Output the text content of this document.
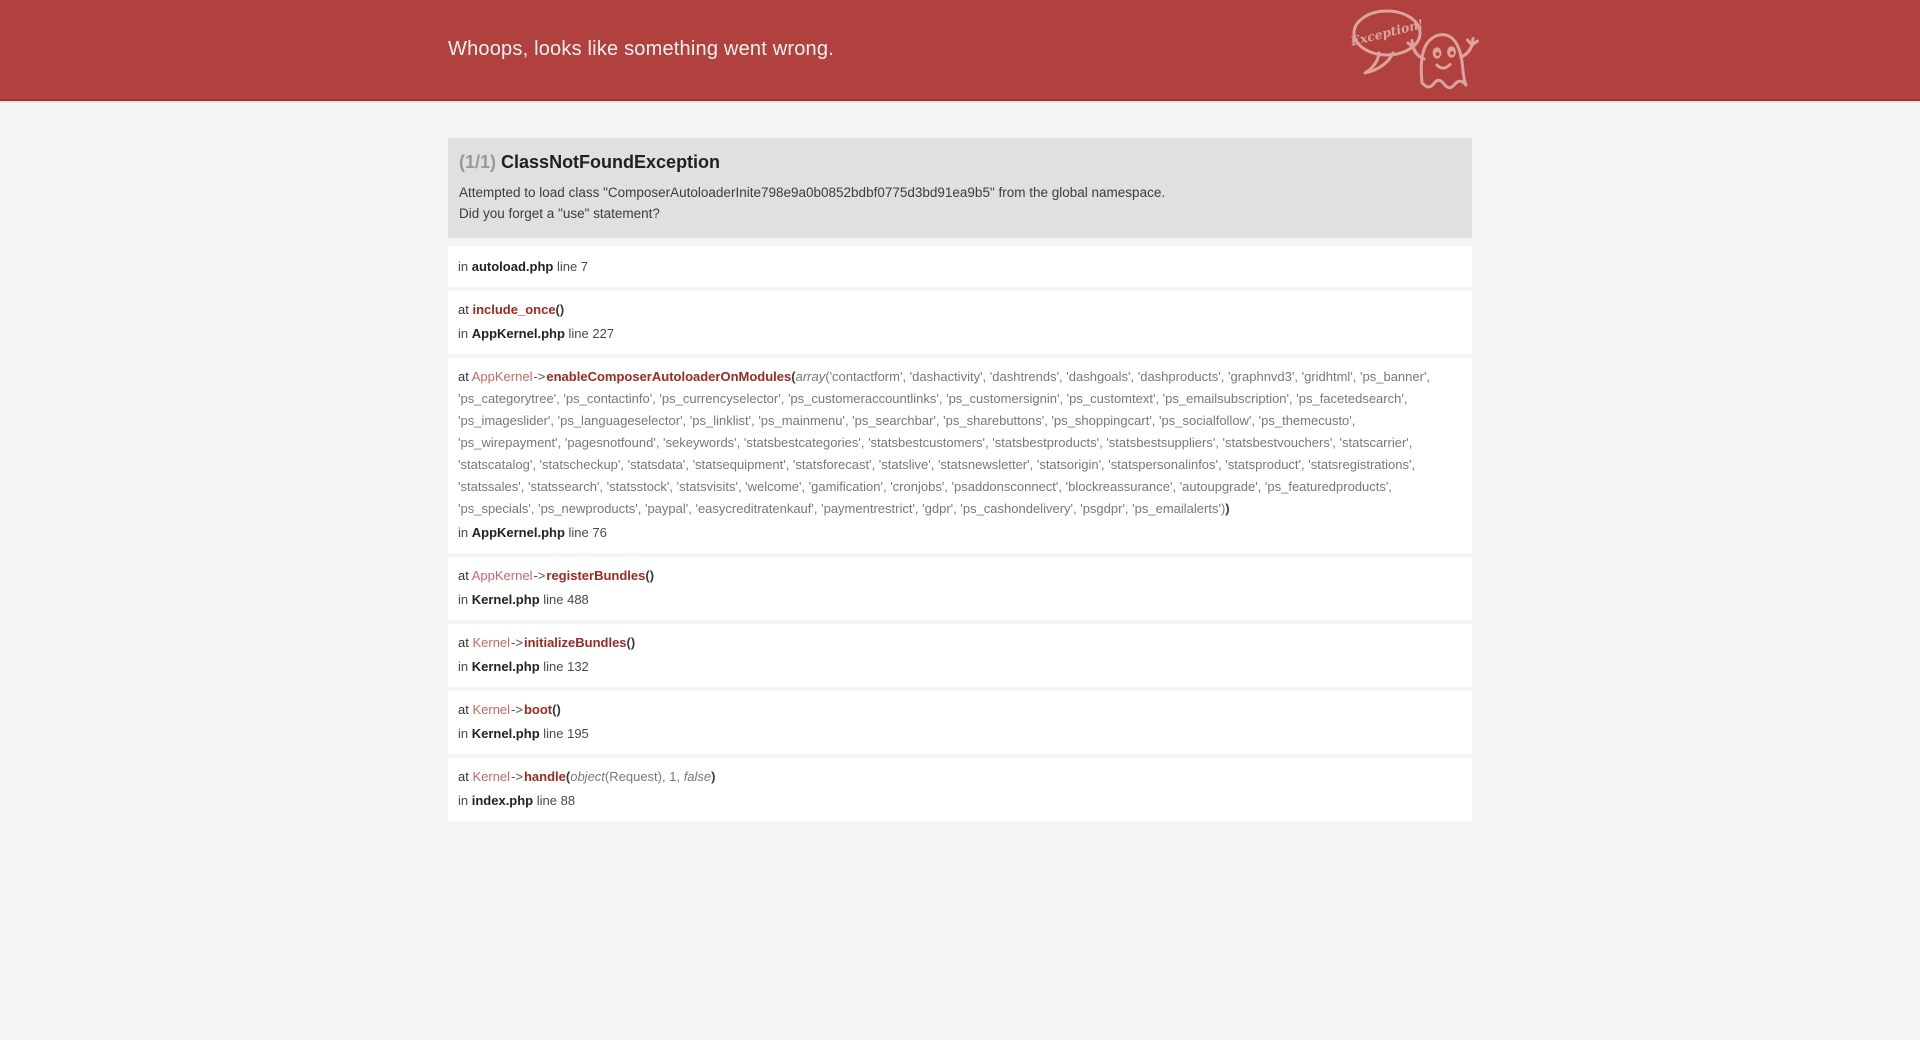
Whoops, looks like something went wrong.
Exception!
(1/1) ClassNotFoundException
Attempted to load class "ComposerAutoloaderInite798e9a0b0852bdbf0775d3bd91ea9b5" from the global namespace.
Did you forget a "use" statement?
in autoload.php line 7
at include_once()
in AppKernel.php line 227
at AppKernel->enableComposerAutoloaderOnModules(array('contactform', 'dashactivity', 'dashtrends', 'dashgoals', 'dashproducts', 'graphnvd3', 'gridhtml', 'ps_banner', 'ps_categorytree', 'ps_contactinfo', 'ps_currencyselector', 'ps_customeraccountlinks', 'ps_customersignin', 'ps_customtext', 'ps_emailsubscription', 'ps_facetedsearch', 'ps_imageslider', 'ps_languageselector', 'ps_linklist', 'ps_mainmenu', 'ps_searchbar', 'ps_sharebuttons', 'ps_shoppingcart', 'ps_socialfollow', 'ps_themecusto', 'ps_wirepayment', 'pagesnotfound', 'sekeywords', 'statsbestcategories', 'statsbestcustomers', 'statsbestproducts', 'statsbestsuppliers', 'statsbestvouchers', 'statscarrier', 'statscatalog', 'statscheckup', 'statsdata', 'statsequipment', 'statsforecast', 'statslive', 'statsnewsletter', 'statsorigin', 'statspersonalinfos', 'statsproduct', 'statsregistrations', 'statssales', 'statssearch', 'statsstock', 'statsvisits', 'welcome', 'gamification', 'cronjobs', 'psaddonsconnect', 'blockreassurance', 'autoupgrade', 'ps_featuredproducts', 'ps_specials', 'ps_newproducts', 'paypal', 'easycreditratenkauf', 'paymentrestrict', 'gdpr', 'ps_cashondelivery', 'psgdpr', 'ps_emailalerts'))
in AppKernel.php line 76
at AppKernel->registerBundles()
in Kernel.php line 488
at Kernel->initializeBundles()
in Kernel.php line 132
at Kernel->boot()
in Kernel.php line 195
at Kernel->handle(object(Request), 1, false)
in index.php line 88
